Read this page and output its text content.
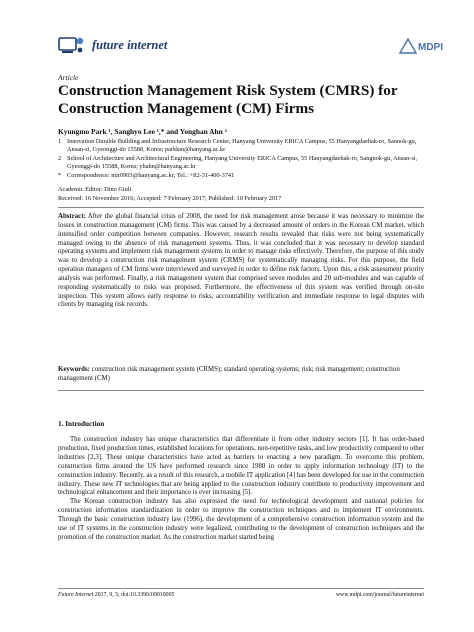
future internet	MDPI
Article
Construction Management Risk System (CMRS) for Construction Management (CM) Firms
Kyungmo Park ¹, Sanghyo Lee ¹,* and Yonghan Ahn ²
1 Innovation Durable Building and Infrastructure Research Center, Hanyang University ERICA Campus, 55 Hanyangdaehak-ro, Sannok-gu, Ansan-si, Gyeonggi-do 15588, Korea; parkkm@hanyang.ac.kr
2 School of Architecture and Architectural Engineering, Hanyang University ERICA Campus, 55 Hanyangdaehak-ro, Sangnok-gu, Ansan-si, Gyeonggi-do 15588, Korea; yhahn@hanyang.ac.kr
* Correspondence: mir0903@hanyang.ac.kr; Tel.: +82-31-400-3741
Academic Editor: Dino Giuli
Received: 16 November 2016; Accepted: 7 February 2017; Published: 10 February 2017

Abstract: After the global financial crisis of 2008, the need for risk management arose because it was necessary to minimize the losses in construction management (CM) firms. This was caused by a decreased amount of orders in the Korean CM market, which intensified order competition between companies. However, research results revealed that risks were not being systematically managed owing to the absence of risk management systems. Thus, it was concluded that it was necessary to develop standard operating systems and implement risk management systems in order to manage risks effectively. Therefore, the purpose of this study was to develop a construction risk management system (CRMS) for systematically managing risks. For this purpose, the field operation managers of CM firms were interviewed and surveyed in order to define risk factors. Upon this, a risk assessment priority analysis was performed. Finally, a risk management system that comprised seven modules and 20 sub-modules and was capable of responding systematically to risks was proposed. Furthermore, the effectiveness of this system was verified through on-site inspection. This system allows early response to risks, accountability verification and immediate response to legal disputes with clients by managing risk records.

Keywords: construction risk management system (CRMS); standard operating systems; risk; risk management; construction management (CM)

1. Introduction

The construction industry has unique characteristics that differentiate it from other industry sectors [1]. It has order-based production, fixed production times, established locations for operations, non-repetitive tasks, and low productivity compared to other industries [2,3]. These unique characteristics have acted as barriers to enacting a new paradigm. To overcome this problem, construction firms around the US have performed research since 1980 in order to apply information technology (IT) to the construction industry. Recently, as a result of this research, a mobile IT application [4] has been developed for use in the construction industry. These new IT technologies that are being applied to the construction industry contribute to productivity improvement and technological enhancement and their importance is ever increasing [5].

The Korean construction industry has also expressed the need for technological development and national policies for construction information standardization in order to improve the construction techniques and to implement IT environments. Through the basic construction industry law (1996), the development of a comprehensive construction information system and the use of IT systems in the construction industry were legalized, contributing to the development of construction techniques and the promotion of the construction market. As the construction market started being

Future Internet 2017, 9, 5; doi:10.3390/fi9010005	www.mdpi.com/journal/futureinternet
